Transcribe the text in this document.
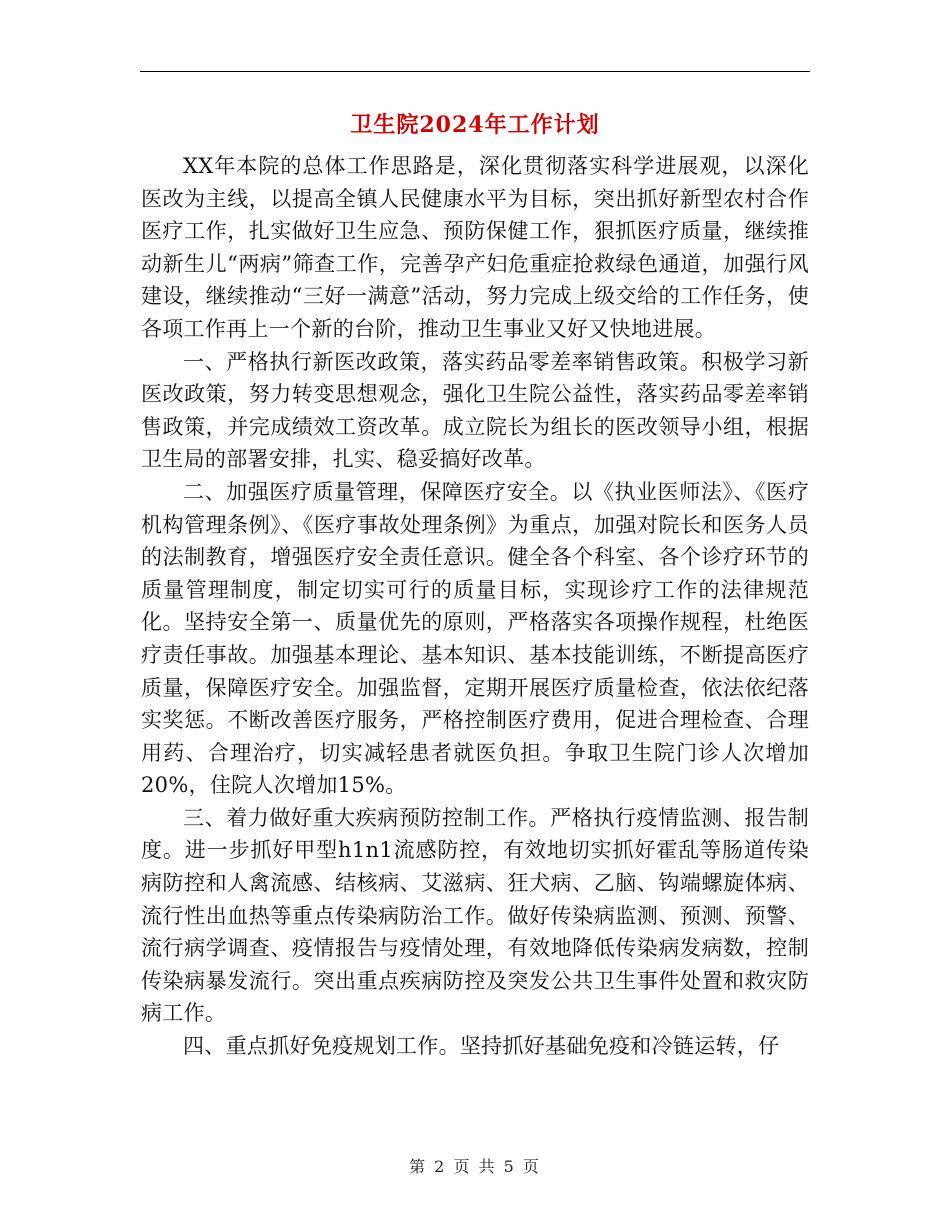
卫生院2024年工作计划

XX年本院的总体工作思路是，深化贯彻落实科学进展观，以深化医改为主线，以提高全镇人民健康水平为目标，突出抓好新型农村合作医疗工作，扎实做好卫生应急、预防保健工作，狠抓医疗质量，继续推动新生儿“两病”筛查工作，完善孕产妇危重症抢救绿色通道，加强行风建设，继续推动“三好一满意”活动，努力完成上级交给的工作任务，使各项工作再上一个新的台阶，推动卫生事业又好又快地进展。

一、严格执行新医改政策，落实药品零差率销售政策。积极学习新医改政策，努力转变思想观念，强化卫生院公益性，落实药品零差率销售政策，并完成绩效工资改革。成立院长为组长的医改领导小组，根据卫生局的部署安排，扎实、稳妥搞好改革。

二、加强医疗质量管理，保障医疗安全。以《执业医师法》、《医疗机构管理条例》、《医疗事故处理条例》为重点，加强对院长和医务人员的法制教育，增强医疗安全责任意识。健全各个科室、各个诊疗环节的质量管理制度，制定切实可行的质量目标，实现诊疗工作的法律规范化。坚持安全第一、质量优先的原则，严格落实各项操作规程，杜绝医疗责任事故。加强基本理论、基本知识、基本技能训练，不断提高医疗质量，保障医疗安全。加强监督，定期开展医疗质量检查，依法依纪落实奖惩。不断改善医疗服务，严格控制医疗费用，促进合理检查、合理用药、合理治疗，切实减轻患者就医负担。争取卫生院门诊人次增加20%，住院人次增加15%。

三、着力做好重大疾病预防控制工作。严格执行疫情监测、报告制度。进一步抓好甲型h1n1流感防控，有效地切实抓好霍乱等肠道传染病防控和人禽流感、结核病、艾滋病、狂犬病、乙脑、钩端螺旋体病、流行性出血热等重点传染病防治工作。做好传染病监测、预测、预警、流行病学调查、疫情报告与疫情处理，有效地降低传染病发病数，控制传染病暴发流行。突出重点疾病防控及突发公共卫生事件处置和救灾防病工作。

四、重点抓好免疫规划工作。坚持抓好基础免疫和冷链运转，仔

第 2 页 共 5 页
